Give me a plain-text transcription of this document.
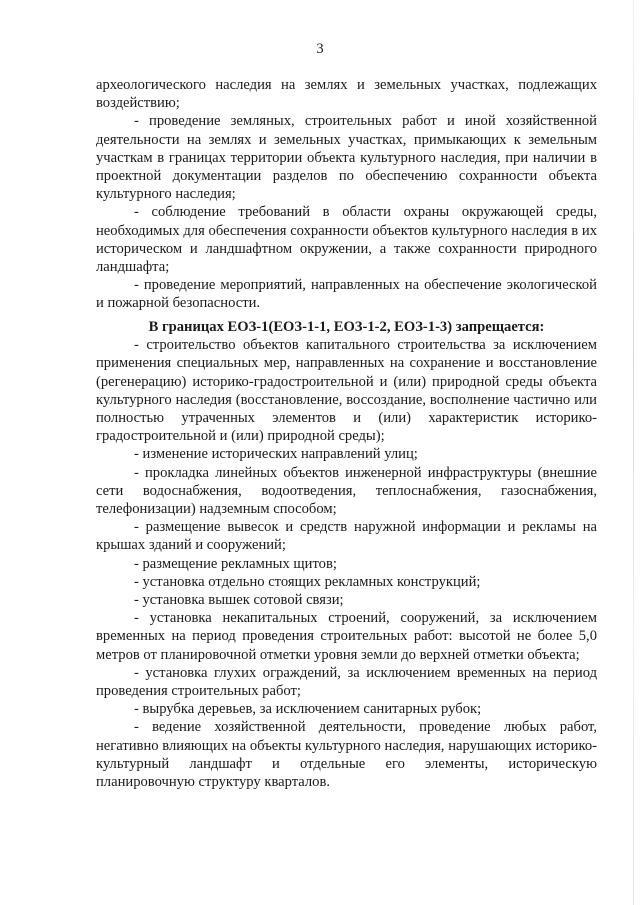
3

археологического наследия на землях и земельных участках, подлежащих воздействию;

- проведение земляных, строительных работ и иной хозяйственной деятельности на землях и земельных участках, примыкающих к земельным участкам в границах территории объекта культурного наследия, при наличии в проектной документации разделов по обеспечению сохранности объекта культурного наследия;

- соблюдение требований в области охраны окружающей среды, необходимых для обеспечения сохранности объектов культурного наследия в их историческом и ландшафтном окружении, а также сохранности природного ландшафта;

- проведение мероприятий, направленных на обеспечение экологической и пожарной безопасности.

В границах ЕОЗ-1(ЕОЗ-1-1, ЕОЗ-1-2, ЕОЗ-1-3) запрещается:

- строительство объектов капитального строительства за исключением применения специальных мер, направленных на сохранение и восстановление (регенерацию) историко-градостроительной и (или) природной среды объекта культурного наследия (восстановление, воссоздание, восполнение частично или полностью утраченных элементов и (или) характеристик историко-градостроительной и (или) природной среды);

- изменение исторических направлений улиц;

- прокладка линейных объектов инженерной инфраструктуры (внешние сети водоснабжения, водоотведения, теплоснабжения, газоснабжения, телефонизации) надземным способом;

- размещение вывесок и средств наружной информации и рекламы на крышах зданий и сооружений;

- размещение рекламных щитов;

- установка отдельно стоящих рекламных конструкций;

- установка вышек сотовой связи;

- установка некапитальных строений, сооружений, за исключением временных на период проведения строительных работ: высотой не более 5,0 метров от планировочной отметки уровня земли до верхней отметки объекта;

- установка глухих ограждений, за исключением временных на период проведения строительных работ;

- вырубка деревьев, за исключением санитарных рубок;

- ведение хозяйственной деятельности, проведение любых работ, негативно влияющих на объекты культурного наследия, нарушающих историко-культурный ландшафт и отдельные его элементы, историческую планировочную структуру кварталов.
